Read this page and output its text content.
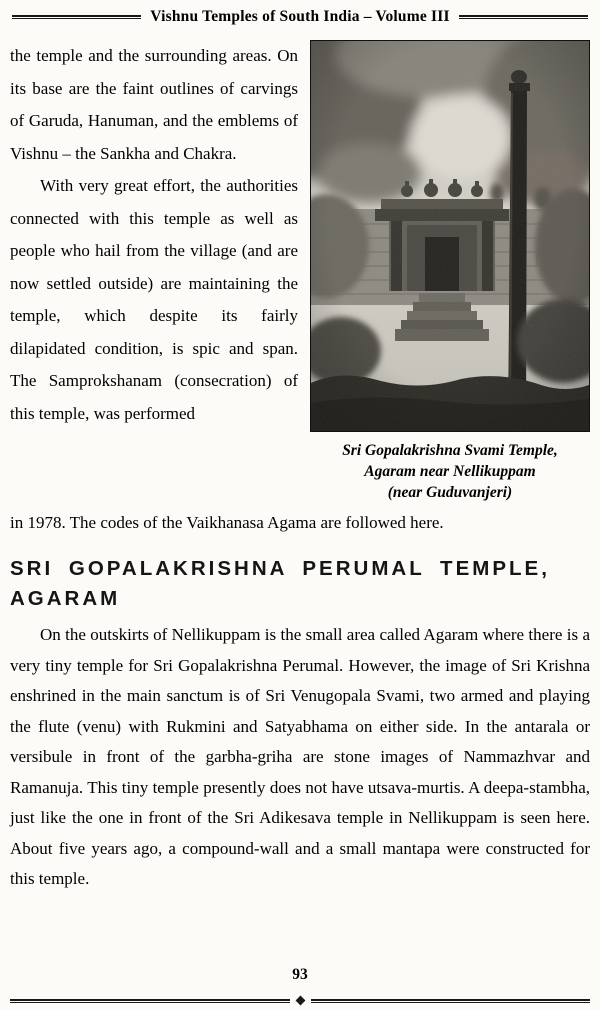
Vishnu Temples of South India – Volume III

the temple and the surrounding areas. On its base are the faint outlines of carvings of Garuda, Hanuman, and the emblems of Vishnu – the Sankha and Chakra.

With very great effort, the authorities connected with this temple as well as people who hail from the village (and are now settled outside) are maintaining the temple, which despite its fairly dilapidated condition, is spic and span. The Samprokshanam (consecration) of this temple, was performed

Sri Gopalakrishna Svami Temple,
Agaram near Nellikuppam
(near Guduvanjeri)

in 1978. The codes of the Vaikhanasa Agama are followed here.

SRI GOPALAKRISHNA PERUMAL TEMPLE,
AGARAM

On the outskirts of Nellikuppam is the small area called Agaram where there is a very tiny temple for Sri Gopalakrishna Perumal. However, the image of Sri Krishna enshrined in the main sanctum is of Sri Venugopala Svami, two armed and playing the flute (venu) with Rukmini and Satyabhama on either side. In the antarala or versibule in front of the garbha-griha are stone images of Nammazhvar and Ramanuja. This tiny temple presently does not have utsava-murtis. A deepa-stambha, just like the one in front of the Sri Adikesava temple in Nellikuppam is seen here. About five years ago, a compound-wall and a small mantapa were constructed for this temple.

93
